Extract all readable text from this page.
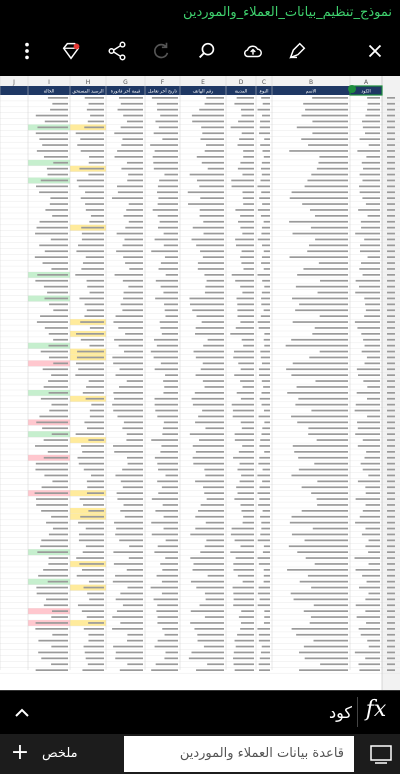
نموذج_تنظيم_بيانات_العملاء_والموردين
A
B
C
D
E
F
G
H
I
J
الكود
الاسم
النوع
المدينة
رقم الهاتف
تاريخ آخر تعامل
قيمة آخر فاتورة
الرصيد المستحق
الحالة
كود fx
+ ملخص	قاعدة بيانات العملاء والموردين
